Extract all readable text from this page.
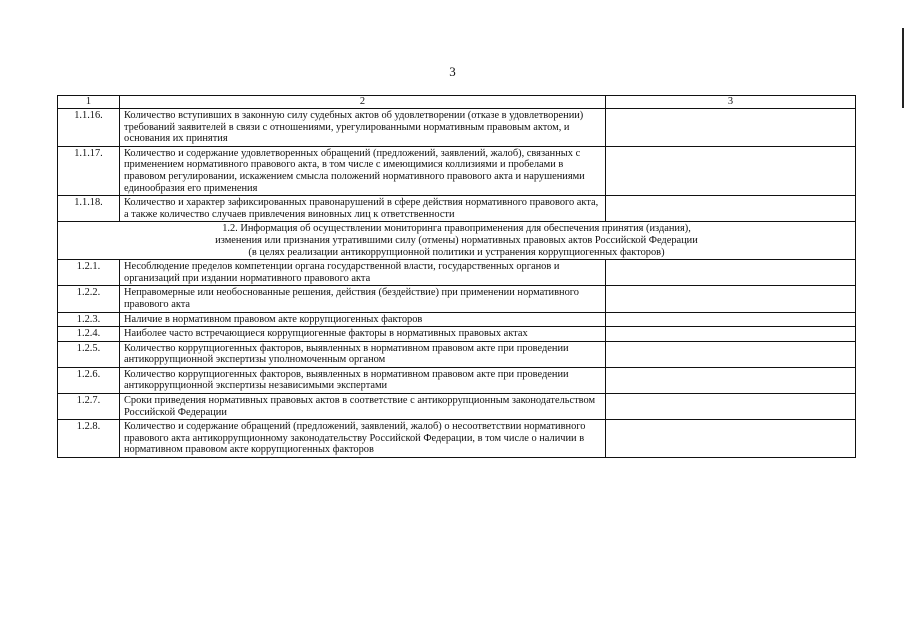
3
1	2	3
1.1.16.	Количество вступивших в законную силу судебных актов об удовлетворении (отказе в удовлетворении) требований заявителей в связи с отношениями, урегулированными нормативным правовым актом, и основания их принятия	
1.1.17.	Количество и содержание удовлетворенных обращений (предложений, заявлений, жалоб), связанных с применением нормативного правового акта, в том числе с имеющимися коллизиями и пробелами в правовом регулировании, искажением смысла положений нормативного правового акта и нарушениями единообразия его применения	
1.1.18.	Количество и характер зафиксированных правонарушений в сфере действия нормативного правового акта, а также количество случаев привлечения виновных лиц к ответственности	

1.2. Информация об осуществлении мониторинга правоприменения для обеспечения принятия (издания),
изменения или признания утратившими силу (отмены) нормативных правовых актов Российской Федерации
(в целях реализации антикоррупционной политики и устранения коррупциогенных факторов)		

1.2.1.	Несоблюдение пределов компетенции органа государственной власти, государственных органов и организаций при издании нормативного правового акта	
1.2.2.	Неправомерные или необоснованные решения, действия (бездействие) при применении нормативного правового акта	
1.2.3.	Наличие в нормативном правовом акте коррупциогенных факторов	
1.2.4.	Наиболее часто встречающиеся коррупциогенные факторы в нормативных правовых актах	
1.2.5.	Количество коррупциогенных факторов, выявленных в нормативном правовом акте при проведении антикоррупционной экспертизы уполномоченным органом	
1.2.6.	Количество коррупциогенных факторов, выявленных в нормативном правовом акте при проведении антикоррупционной экспертизы независимыми экспертами	
1.2.7.	Сроки приведения нормативных правовых актов в соответствие с антикоррупционным законодательством Российской Федерации	
1.2.8.	Количество и содержание обращений (предложений, заявлений, жалоб) о несоответствии нормативного правового акта антикоррупционному законодательству Российской Федерации, в том числе о наличии в нормативном правовом акте коррупциогенных факторов	
